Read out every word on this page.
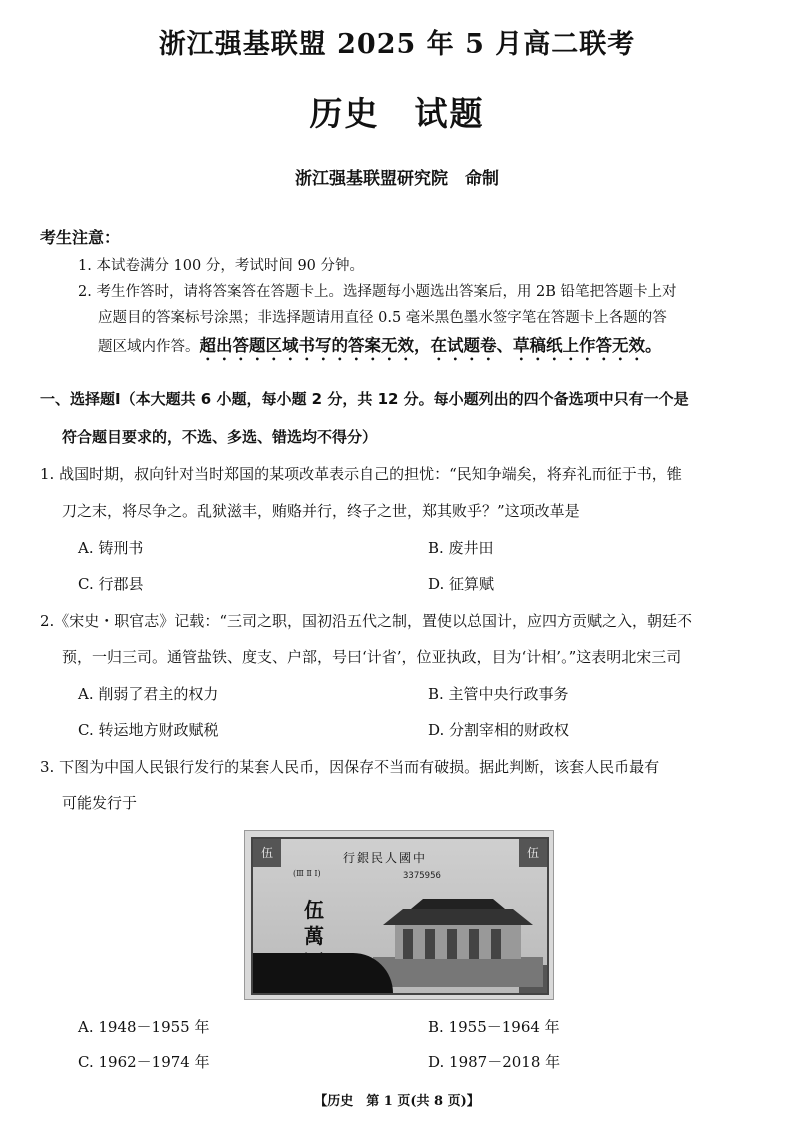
浙江强基联盟 2025 年 5 月高二联考
历史　试题
浙江强基联盟研究院　命制
考生注意：
1. 本试卷满分 100 分，考试时间 90 分钟。
2. 考生作答时，请将答案答在答题卡上。选择题每小题选出答案后，用 2B 铅笔把答题卡上对
应题目的答案标号涂黑；非选择题请用直径 0.5 毫米黑色墨水签字笔在答题卡上各题的答
题区域内作答。超出答题区域书写的答案无效，在试题卷、草稿纸上作答无效。
一、选择题Ⅰ（本大题共 6 小题，每小题 2 分，共 12 分。每小题列出的四个备选项中只有一个是
符合题目要求的，不选、多选、错选均不得分）
1. 战国时期，叔向针对当时郑国的某项改革表示自己的担忧：“民知争端矣，将弃礼而征于书，锥
刀之末，将尽争之。乱狱滋丰，贿赂并行，终子之世，郑其败乎？”这项改革是
A. 铸刑书	B. 废井田
C. 行郡县	D. 征算赋
2.《宋史・职官志》记载：“三司之职，国初沿五代之制，置使以总国计，应四方贡赋之入，朝廷不
预，一归三司。通管盐铁、度支、户部，号曰‘计省’，位亚执政，目为‘计相’。”这表明北宋三司
A. 削弱了君主的权力	B. 主管中央行政事务
C. 转运地方财政赋税	D. 分割宰相的财政权
3. 下图为中国人民银行发行的某套人民币，因保存不当而有破损。据此判断，该套人民币最有
可能发行于
伍	伍
行銀民人國中
(Ⅲ Ⅱ Ⅰ)	3375956
伍
萬
A. 1948－1955 年	B. 1955－1964 年
C. 1962－1974 年	D. 1987－2018 年
【历史　第 1 页(共 8 页)】
